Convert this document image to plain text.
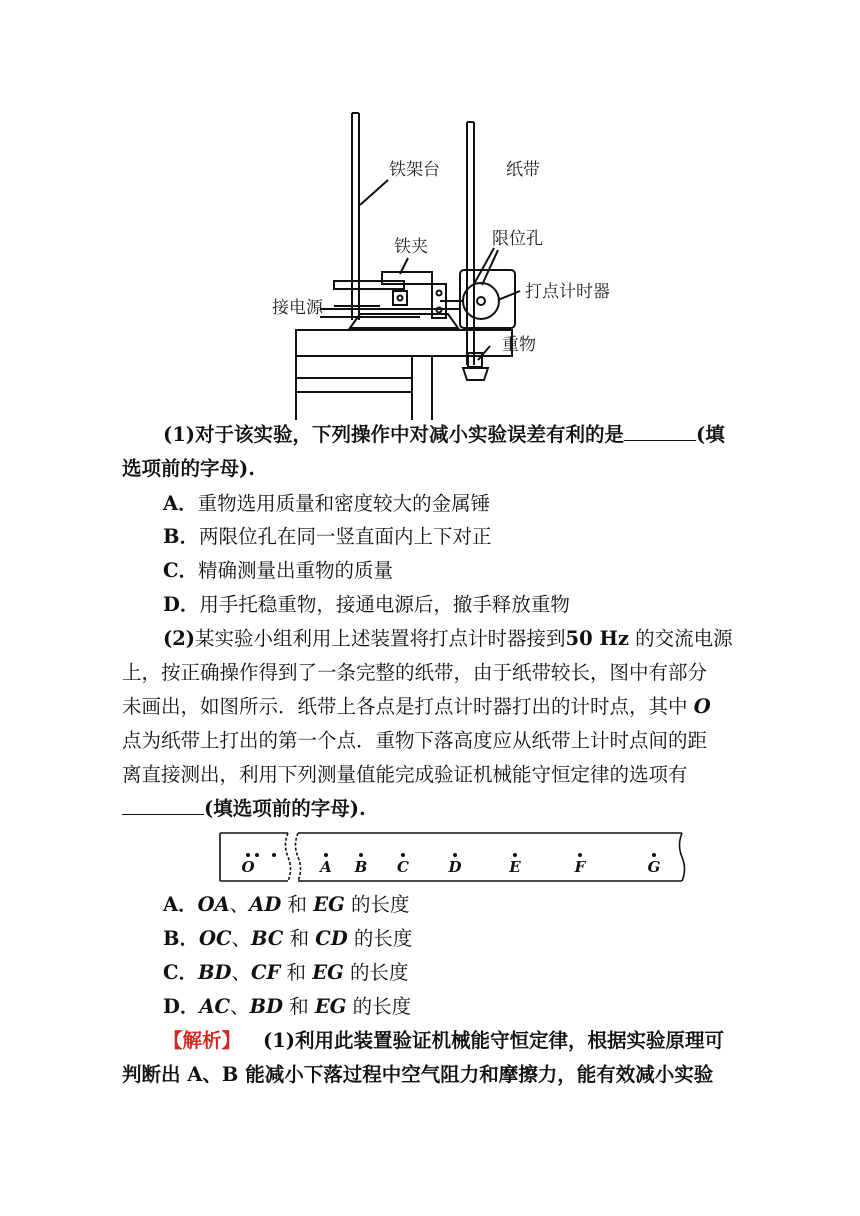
铁架台	纸带
铁夹	限位孔
打点计时器
接电源
重物
(1)对于该实验，下列操作中对减小实验误差有利的是	(填
选项前的字母).
A．重物选用质量和密度较大的金属锤
B．两限位孔在同一竖直面内上下对正
C．精确测量出重物的质量
D．用手托稳重物，接通电源后，撤手释放重物
(2)某实验小组利用上述装置将打点计时器接到50 Hz 的交流电源
上，按正确操作得到了一条完整的纸带，由于纸带较长，图中有部分
未画出，如图所示．纸带上各点是打点计时器打出的计时点，其中 O
点为纸带上打出的第一个点．重物下落高度应从纸带上计时点间的距
离直接测出，利用下列测量值能完成验证机械能守恒定律的选项有
(填选项前的字母).
O	A B C	D	E	F	G
A．OA、AD 和 EG 的长度
B．OC、BC 和 CD 的长度
C．BD、CF 和 EG 的长度
D．AC、BD 和 EG 的长度
【解析】 (1)利用此装置验证机械能守恒定律，根据实验原理可
判断出 A、B 能减小下落过程中空气阻力和摩擦力，能有效减小实验
